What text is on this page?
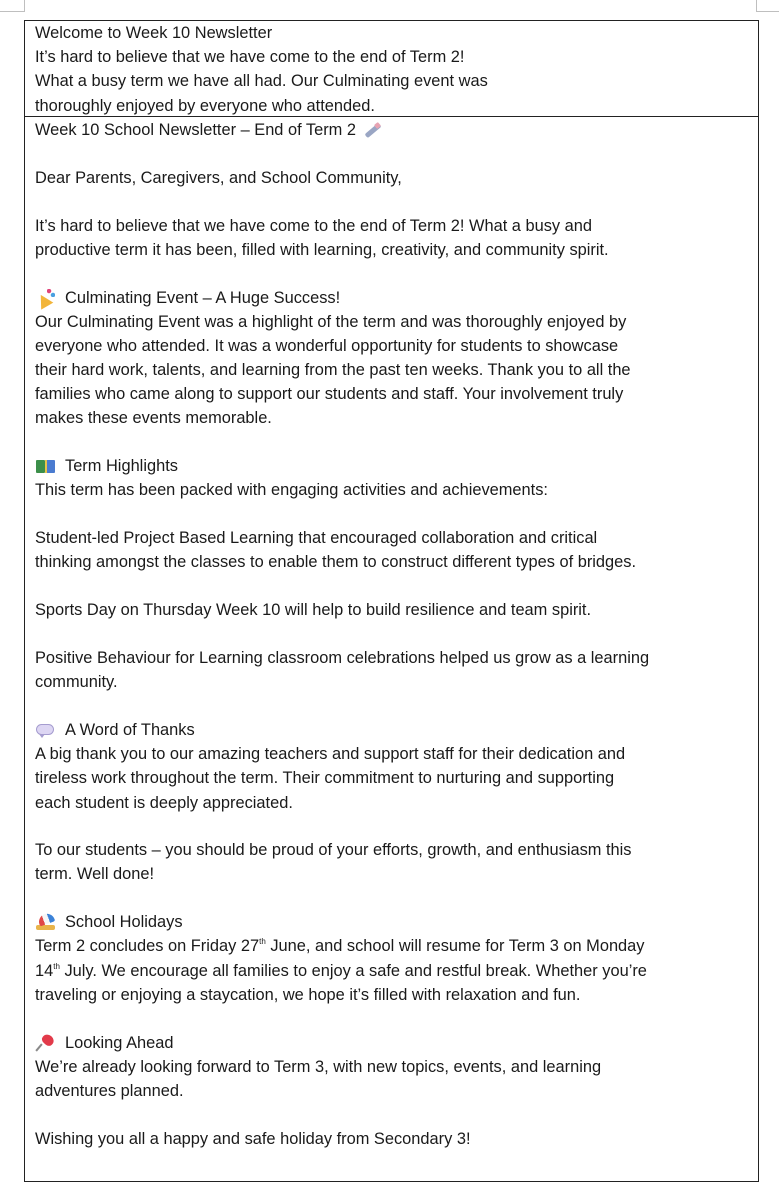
Welcome to Week 10 Newsletter
It’s hard to believe that we have come to the end of Term 2!
What a busy term we have all had. Our Culminating event was
thoroughly enjoyed by everyone who attended.
Week 10 School Newsletter – End of Term 2
Dear Parents, Caregivers, and School Community,
It’s hard to believe that we have come to the end of Term 2! What a busy and
productive term it has been, filled with learning, creativity, and community spirit.
Culminating Event – A Huge Success!
Our Culminating Event was a highlight of the term and was thoroughly enjoyed by
everyone who attended. It was a wonderful opportunity for students to showcase
their hard work, talents, and learning from the past ten weeks. Thank you to all the
families who came along to support our students and staff. Your involvement truly
makes these events memorable.
Term Highlights
This term has been packed with engaging activities and achievements:
Student-led Project Based Learning that encouraged collaboration and critical
thinking amongst the classes to enable them to construct different types of bridges.
Sports Day on Thursday Week 10 will help to build resilience and team spirit.
Positive Behaviour for Learning classroom celebrations helped us grow as a learning
community.
A Word of Thanks
A big thank you to our amazing teachers and support staff for their dedication and
tireless work throughout the term. Their commitment to nurturing and supporting
each student is deeply appreciated.
To our students – you should be proud of your efforts, growth, and enthusiasm this
term. Well done!
School Holidays
Term 2 concludes on Friday 27th June, and school will resume for Term 3 on Monday
14th July. We encourage all families to enjoy a safe and restful break. Whether you’re
traveling or enjoying a staycation, we hope it’s filled with relaxation and fun.
Looking Ahead
We’re already looking forward to Term 3, with new topics, events, and learning
adventures planned.
Wishing you all a happy and safe holiday from Secondary 3!
